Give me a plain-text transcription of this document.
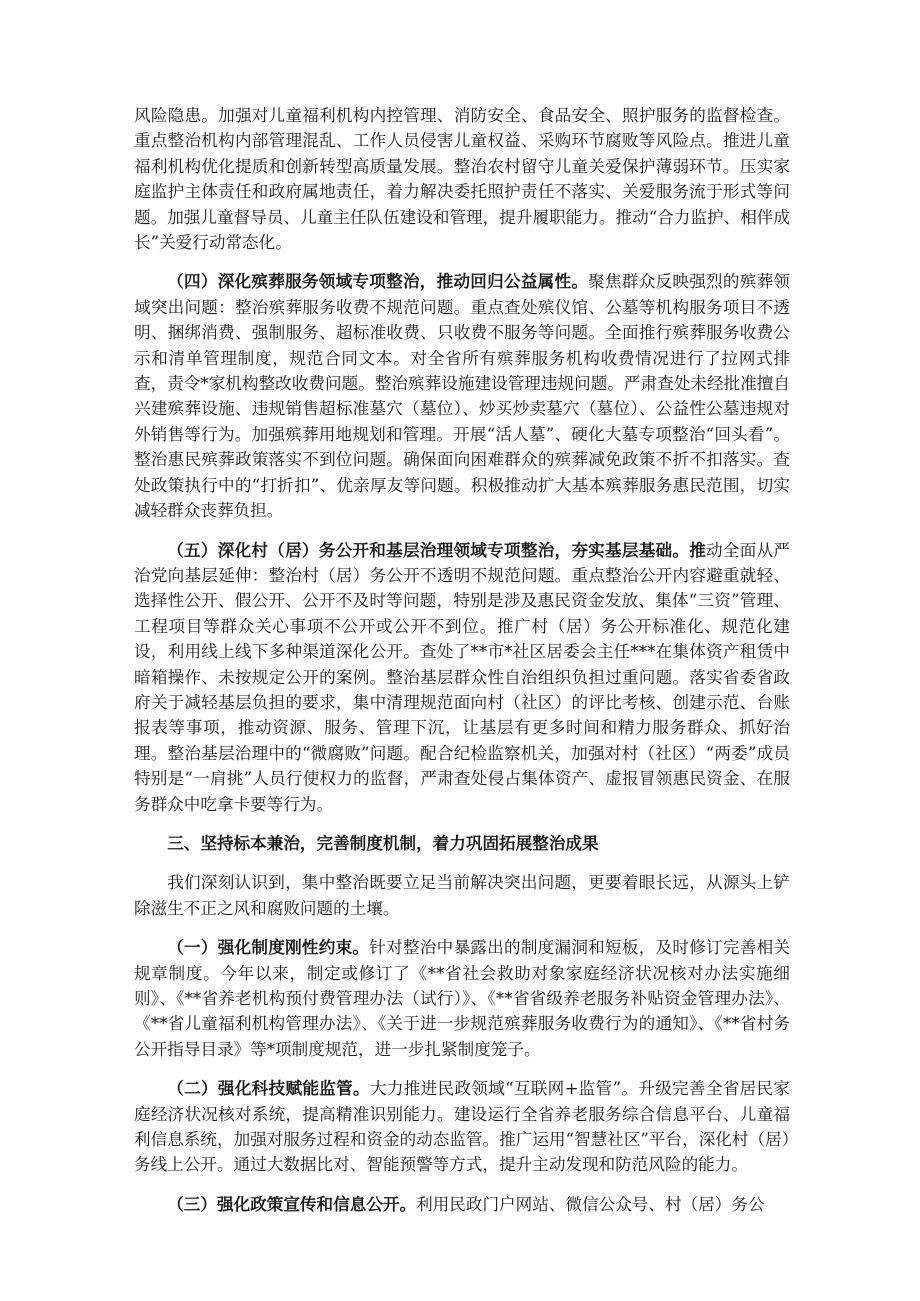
风险隐患。加强对儿童福利机构内控管理、消防安全、食品安全、照护服务的监督检查。重点整治机构内部管理混乱、工作人员侵害儿童权益、采购环节腐败等风险点。推进儿童福利机构优化提质和创新转型高质量发展。整治农村留守儿童关爱保护薄弱环节。压实家庭监护主体责任和政府属地责任，着力解决委托照护责任不落实、关爱服务流于形式等问题。加强儿童督导员、儿童主任队伍建设和管理，提升履职能力。推动“合力监护、相伴成长”关爱行动常态化。

（四）深化殡葬服务领域专项整治，推动回归公益属性。聚焦群众反映强烈的殡葬领域突出问题：整治殡葬服务收费不规范问题。重点查处殡仪馆、公墓等机构服务项目不透明、捆绑消费、强制服务、超标准收费、只收费不服务等问题。全面推行殡葬服务收费公示和清单管理制度，规范合同文本。对全省所有殡葬服务机构收费情况进行了拉网式排查，责令*家机构整改收费问题。整治殡葬设施建设管理违规问题。严肃查处未经批准擅自兴建殡葬设施、违规销售超标准墓穴（墓位）、炒买炒卖墓穴（墓位）、公益性公墓违规对外销售等行为。加强殡葬用地规划和管理。开展“活人墓”、硬化大墓专项整治“回头看”。整治惠民殡葬政策落实不到位问题。确保面向困难群众的殡葬减免政策不折不扣落实。查处政策执行中的“打折扣”、优亲厚友等问题。积极推动扩大基本殡葬服务惠民范围，切实减轻群众丧葬负担。

（五）深化村（居）务公开和基层治理领域专项整治，夯实基层基础。推动全面从严治党向基层延伸：整治村（居）务公开不透明不规范问题。重点整治公开内容避重就轻、选择性公开、假公开、公开不及时等问题，特别是涉及惠民资金发放、集体“三资”管理、工程项目等群众关心事项不公开或公开不到位。推广村（居）务公开标准化、规范化建设，利用线上线下多种渠道深化公开。查处了**市*社区居委会主任***在集体资产租赁中暗箱操作、未按规定公开的案例。整治基层群众性自治组织负担过重问题。落实省委省政府关于减轻基层负担的要求，集中清理规范面向村（社区）的评比考核、创建示范、台账报表等事项，推动资源、服务、管理下沉，让基层有更多时间和精力服务群众、抓好治理。整治基层治理中的“微腐败”问题。配合纪检监察机关，加强对村（社区）“两委”成员特别是“一肩挑”人员行使权力的监督，严肃查处侵占集体资产、虚报冒领惠民资金、在服务群众中吃拿卡要等行为。

三、坚持标本兼治，完善制度机制，着力巩固拓展整治成果

我们深刻认识到，集中整治既要立足当前解决突出问题，更要着眼长远，从源头上铲除滋生不正之风和腐败问题的土壤。

（一）强化制度刚性约束。针对整治中暴露出的制度漏洞和短板，及时修订完善相关规章制度。今年以来，制定或修订了《**省社会救助对象家庭经济状况核对办法实施细则》、《**省养老机构预付费管理办法（试行）》、《**省省级养老服务补贴资金管理办法》、《**省儿童福利机构管理办法》、《关于进一步规范殡葬服务收费行为的通知》、《**省村务公开指导目录》等*项制度规范，进一步扎紧制度笼子。

（二）强化科技赋能监管。大力推进民政领域“互联网+监管”。升级完善全省居民家庭经济状况核对系统，提高精准识别能力。建设运行全省养老服务综合信息平台、儿童福利信息系统，加强对服务过程和资金的动态监管。推广运用“智慧社区”平台，深化村（居）务线上公开。通过大数据比对、智能预警等方式，提升主动发现和防范风险的能力。

（三）强化政策宣传和信息公开。利用民政门户网站、微信公众号、村（居）务公
